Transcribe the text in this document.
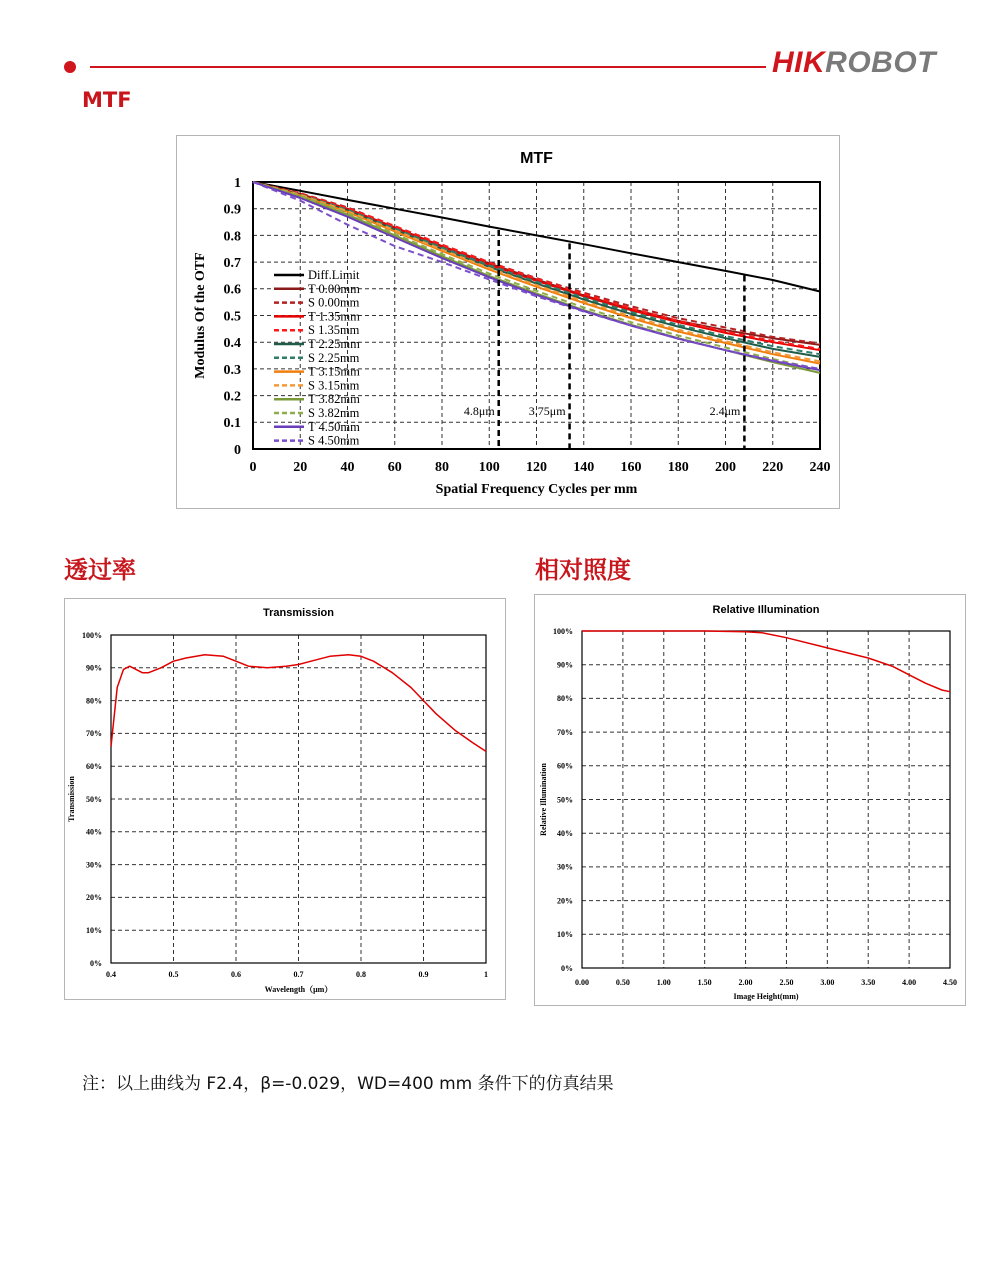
HIKROBOT
MTF
MTF
0	20 40 60 80 100 120 140 160 180 200 220 240
0
0.1
0.2
0.3
0.4
0.5
0.6
0.7
0.8
0.9
1
Spatial Frequency Cycles per mm
Modulus Of the OTF	Diff.Limit
T 0.00mm
S 0.00mm
T 1.35mm
S 1.35mm
T 2.25mm
S 2.25mm
T 3.15mm
S 3.15mm
T 3.82mm
S 3.82mm
T 4.50mm
S 4.50mm
4.8μm	3.75μm	2.4μm
透过率	相对照度
Transmission
0.4	0.5	0.6	0.7	0.8	0.9	1
0%
10%
20%
30%
40%
50%
60%
70%
80%
90%
100%
Wavelength（μm）
Transmission
Relative Illumination
0.00	0.50	1.00	1.50	2.00	2.50	3.00	3.50	4.00	4.50
0%
10%
20%
30%
40%
50%
60%
70%
80%
90%
100%
Image Height(mm)
Relative Illumination
注：以上曲线为 F2.4，β=-0.029，WD=400 mm 条件下的仿真结果
